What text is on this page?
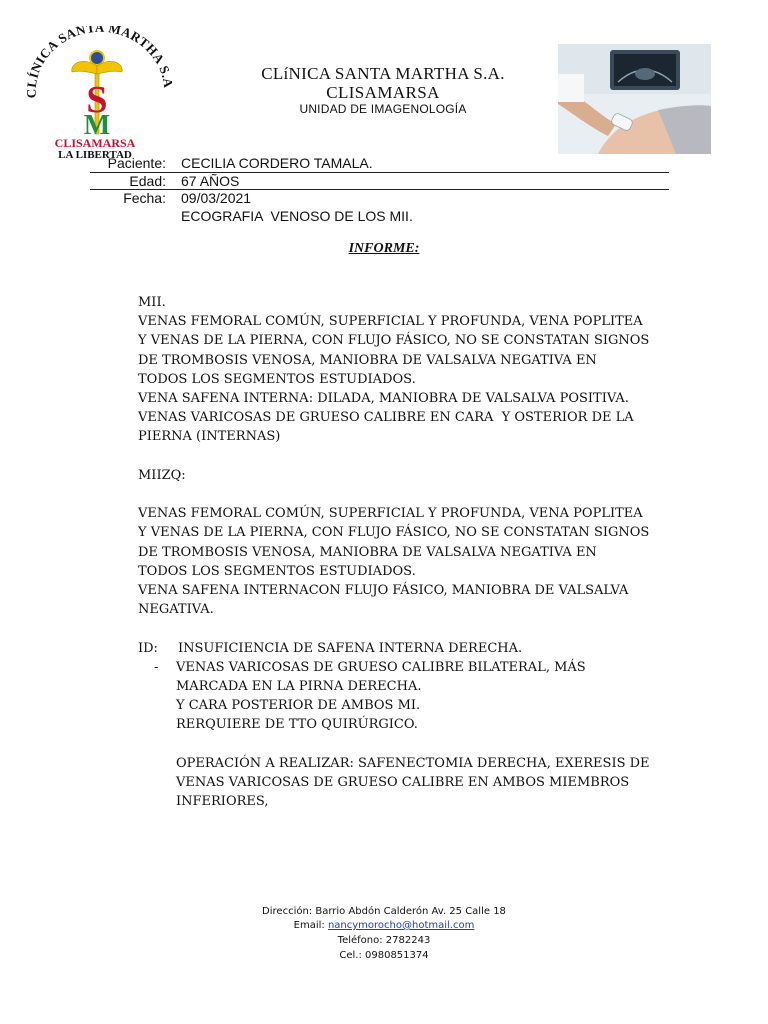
CLÍNICA SANTA MARTHA S
S
M
CLISAMARSA
LA LIBERTAD
CLíNICA SANTA MARTHA S.A.
CLISAMARSA
UNIDAD DE IMAGENOLOGÍA
Paciente: CECILIA CORDERO TAMALA.
Edad: 67 AÑOS
Fecha: 09/03/2021
ECOGRAFIA  VENOSO DE LOS MII.
INFORME:

MII.

VENAS FEMORAL COMÚN, SUPERFICIAL Y PROFUNDA, VENA POPLITEA

Y VENAS DE LA PIERNA, CON FLUJO FÁSICO, NO SE CONSTATAN SIGNOS

DE TROMBOSIS VENOSA, MANIOBRA DE VALSALVA NEGATIVA EN

TODOS LOS SEGMENTOS ESTUDIADOS.

VENA SAFENA INTERNA: DILADA, MANIOBRA DE VALSALVA POSITIVA.

VENAS VARICOSAS DE GRUESO CALIBRE EN CARA  Y OSTERIOR DE LA

PIERNA (INTERNAS)

MIIZQ:

VENAS FEMORAL COMÚN, SUPERFICIAL Y PROFUNDA, VENA POPLITEA

Y VENAS DE LA PIERNA, CON FLUJO FÁSICO, NO SE CONSTATAN SIGNOS

DE TROMBOSIS VENOSA, MANIOBRA DE VALSALVA NEGATIVA EN

TODOS LOS SEGMENTOS ESTUDIADOS.

VENA SAFENA INTERNACON FLUJO FÁSICO, MANIOBRA DE VALSALVA

NEGATIVA.

ID: INSUFICIENCIA DE SAFENA INTERNA DERECHA.

- VENAS VARICOSAS DE GRUESO CALIBRE BILATERAL, MÁS

MARCADA EN LA PIRNA DERECHA.

Y CARA POSTERIOR DE AMBOS MI.

RERQUIERE DE TTO QUIRÚRGICO.

OPERACIÓN A REALIZAR: SAFENECTOMIA DERECHA, EXERESIS DE

VENAS VARICOSAS DE GRUESO CALIBRE EN AMBOS MIEMBROS

INFERIORES,

Dirección: Barrio Abdón Calderón Av. 25 Calle 18
Email: nancymorocho@hotmail.com
Teléfono: 2782243
Cel.: 0980851374
